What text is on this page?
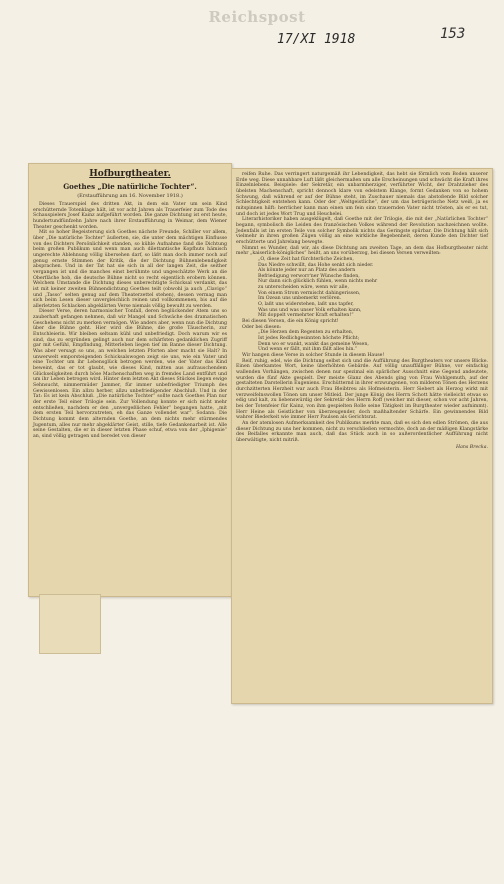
Reichspost
17/XI 1918	153
Hofburgtheater.
Goethes „Die natürliche Tochter“.
(Erstaufführung am 16. November 1918.)

Dieses Trauerspiel des dritten Akt, in dem ein Vater um sein Kind erschütternde Totenklage hält, ist vor acht Jahren als Trauerfeier zum Tode des Schauspielers Josef Kainz aufgeführt worden. Die ganze Dichtung ist erst heute, hundertundfünfzehn Jahre nach ihrer Erstaufführung in Weimar, dem Wiener Theater geschenkt worden.

Mit so hoher Begeisterung sich Goethes nächste Freunde, Schiller vor allem, über „Die natürliche Tochter“ äußerten, sie, die unter dem mächtigen Einflusse von des Dichters Persönlichkeit standen, so kühle Aufnahme fand die Dichtung beim großen Publikum und wenn man auch dilettantische Kopfhuts hämisch ungerechte Ablehnung völlig übersehen darf, so läßt man doch immer noch auf genug ernste Stimmen der Kritik, die der Dichtung Bühnenlebendigkeit absprachen. Und in der Tat hat sie sich in all der langen Zeit, die seither vergangen ist und die manches einst berühmte und ungeschätzte Werk an die Oberfläche hob, die deutsche Bühne nicht so recht eigentlich erobern können. Welchem Umstande die Dichtung dieses unberechtigte Schicksal verdankt, das ist mit keiner zweiten Bühnendichtung Goethes teilt (obwohl ja auch „Clavigo“ und „Tasso“ selten genug auf dem Theaterzettel stehen), dessen vermag man sich beim Lesen dieser unvergleichlich reinen und vollkommenen, bis auf die allerletzten Schlacken abgeklärten Verse niemals völlig bewußt zu werden.

Dieser Verse, deren harmonischer Tonfall, deren beglückender Atem uns so zauberhaft gefangen nehmen, daß wir Mangel und Schwäche des dramatischen Geschehens nicht zu merken vermögen. Wie anders aber, wenn nun die Dichtung über die Bühne geht. Hier wird die Bühne, die große Täuscherin, zur Entschleierin. Wir bleiben seltsam kühl und unbefriedigt. Doch warum wir es sind, das zu ergründen gelingt auch nur dem schärfsten gedanklichen Zugriff gar mit Gefühl, Empfindung, Mitterleben liegen tief im Banne dieser Dichtung. Was aber versagt so uns, an welchen letzten Pforten aber macht sie Halt? In unwerwelt emporsteigenden Schicksalswogen zeigt sie uns, wie ein Vater und eine Tochter um ihr Lebensglück betrogen werden, wie der Vater das Kind beweint, das er tot glaubt, wie dieses Kind, mitten aus aufrauschendem Glückseligkeiten durch böse Machenschaften weg in fremdes Land entführt und um ihr Leben betrogen wird. Hinter dem letzten Akt dieses Stückes liegen ewige Sehnsucht, nimmermüder Jammer, für immer unbefriedigter Triumph des Gewissenlosen. Ein allzu herber, allzu unbefriedigender Abschluß. Und in der Tat: Es ist kein Abschluß. „Die natürliche Tochter“ sollte nach Goethes Plan nur der erste Teil einer Trilogie sein. Zur Vollendung konnte er sich nicht mehr entschließen, nachdem er den „unvergeßlichen Fehler“ begangen hatte, „mit dem ersten Teil hervorzutreten, eh das Ganze vollendet war“. Sodann: Die Dichtung kommt dem alternden Goethe, an dem nichts mehr stürmendes Jugentum, alles nur mehr abgeklärter Geist, stille, tiefe Gedankenarbeit ist. Alle seine Gestalten, die er in dieser letzten Phase schuf, etwa von der „Iphigenie“ an, sind völlig getragen und beredet von dieser

reifen Ruhe. Das verringert naturgemäß ihr Lebendigkeit, das hebt sie förmlich vom Boden unserer Erde weg. Diese unnahbare Luft läßt gleichermaßen um alle Erscheinungen und schwächt die Kraft ihres Einzelnlebens. Beispiele: der Sekretär, ein unbarmherziger, verführter Wicht, der Drahtzieher des übelsten Machenschaft, spricht dennoch klare von edelstem Klange, formt Gedanken von so hohem Schwung, daß während er auf der Bühne steht, im Zuschauer niemals das abstoßende Bild solcher Schlechtigkeit entstehen kann. Oder der „Weltgeistliche“, der um das betrügerische Netz weiß, ja es mitspinnen hilft: herrlicher kann man einen um fein sinn trauernden Vater nicht trösten, als er es tut, und doch ist jedes Wort Trug und Heuchelei.

Literarhistoriker haben ausgeklügelt, daß Goethe mit der Trilogie, die mit der „Natürlichen Tochter“ begann, symbolisch die Leiden des französischen Volkes während der Revolution nachzeichnen wollte. Jedenfalls ist im ersten Teile von solcher Symbolik nichts das Geringste spürbar. Die Dichtung hält sich vielmehr in ihren großen Zügen völlig an eine wirkliche Begebenheit, deren Kunde den Dichter tief erschütterte und Jahrelang bewegte.

Nimmt es Wunder, daß wir, als diese Dichtung am zweiten Tage, an dem das Hofburgtheater nicht mehr „kaiserlich-königliches“ heißt, an uns vorüberzog, bei diesen Versen verweilten:

„O, diese Zeit hat fürchterliche Zeichen,
Das Niedre schwillt, das Hohe senkt sich nieder.
Als könnte jeder nur an Platz des andern
Befriedigung verworr'ner Wünsche finden,
Nur dann sich glücklich fühlen, wenn nichts mehr
zu unterscheiden wäre, wenn wir alle,
Von einem Strom vermischt dahingerissen,
Im Ozean uns unbemerkt verlören.
O, laßt uns widerstehen, laßt uns tapfer,
Was uns und was unser Volk erhalten kann,
Mit doppelt vermehrter Kraft erhalten!“

Bei diesen Versen, die ein König spricht!

Oder bei diesen:

„Die Herzen dem Regenten zu erhalten,
Ist jedes Redlichgesinnten höchste Pflicht;
Denn wo er wankt, wankt das gemeine Wesen,
Und wenn er fällt, mit ihm fällt alles hin.“

Wir hangen diese Verse in solcher Stunde in diesem Hause!

Reif, ruhig, edel, wie die Dichtung selbst sich und die Aufführung des Burgtheaters vor unsere Blicke. Einen überkamtes Wort, keine überhöhten Gebärde. Auf völlig unauffälliger Bühne, vor einfachig wallenden Vorhängen, zwischen denen nur spezimal ein spärlicher Ausschnitt eine Gegend andeutete, wurden die fünf Akte gespielt. Der meiste Glanz des Abends ging von Frau Wohlgemuth, auf der gestalteten Darstellerin Eugeniens. Erschütternd in ihrer erzwungenen, von milderen Tönen des Herzens durchzitterten Herzheit war auch Frau Bleibtreu als Hofmeisterin. Herr Siebert als Herzog wirkt mit verzweifelnswollen Tönen um unser Mitleid. Der junge König des Herrn Schott hätte vielleicht etwas so edig und kalt, zu liebenswürdig der Sekretär des Herrn Roff (welcher mit dieser, schon vor acht Jahren, bei der Totenfeier für Kainz, von ihm gespielten Rolle seine Tätigkeit im Burgtheater wieder aufnimmt). Herr Heine als Geistlicher von überzeugender, doch maßhaltender Schärfe. Ein gewinnendes Bild wahrer Biederkeit wie immer Herr Paulsen als Gerichtsrat.

An der atemlosen Aufmerksamkeit des Publikums merkte man, daß es sich den edlen Strömen, die aus dieser Dichtung zu uns her kommen, nicht zu verschließen vermochte, doch an der mäßigen Klangstärke des Beifalles erkannte man auch, daß das Stück auch in so außerordentlicher Aufführung nicht überwältigte, nicht mitriß.

Hans Brecka.
